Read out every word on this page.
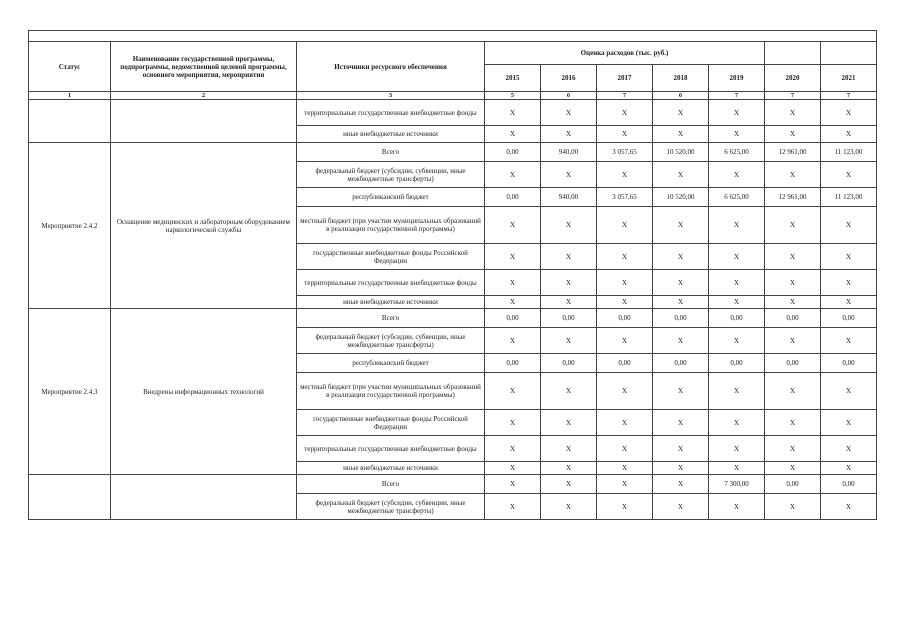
Статус	Наименование государственной программы, подпрограммы, ведомственной целевой программы, основного мероприятия, мероприятия	Источники ресурсного обеспечения	Оценка расходов (тыс. руб.)						
			2015	2016	2017	2018	2019	2020	2021
1	2	3	5	6	7	6	7	7	7
		территориальные государственные внебюджетные фонды	X	X	X	X	X	X	X
		иные внебюджетные источники	X	X	X	X	X	X	X
Мероприятие 2.4.2	Оснащение медицинских и лабораторным оборудованием наркологической службы	Всего	0,00	940,00	3 057,65	10 520,00	6 625,00	12 961,00	11 123,00
		федеральный бюджет (субсидии, субвенции, иные межбюджетные трансферты)	X	X	X	X	X	X	X
		республиканский бюджет	0,00	940,00	3 057,65	10 520,00	6 625,00	12 961,00	11 123,00
		местный бюджет (при участии муниципальных образований в реализации государственной программы)	X	X	X	X	X	X	X
		государственные внебюджетные фонды Российской Федерации	X	X	X	X	X	X	X
		территориальные государственные внебюджетные фонды	X	X	X	X	X	X	X
		иные внебюджетные источники	X	X	X	X	X	X	X
Мероприятие 2.4.3	Внедрены информационных технологий	Всего	0,00	0,00	0,00	0,00	0,00	0,00	0,00
		федеральный бюджет (субсидии, субвенции, иные межбюджетные трансферты)	X	X	X	X	X	X	X
		республиканский бюджет	0,00	0,00	0,00	0,00	0,00	0,00	0,00
		местный бюджет (при участии муниципальных образований в реализации государственной программы)	X	X	X	X	X	X	X
		государственные внебюджетные фонды Российской Федерации	X	X	X	X	X	X	X
		территориальные государственные внебюджетные фонды	X	X	X	X	X	X	X
		иные внебюджетные источники	X	X	X	X	X	X	X
		Всего	X	X	X	X	7 300,00	0,00	0,00
		федеральный бюджет (субсидии, субвенции, иные межбюджетные трансферты)	X	X	X	X	X	X	X
